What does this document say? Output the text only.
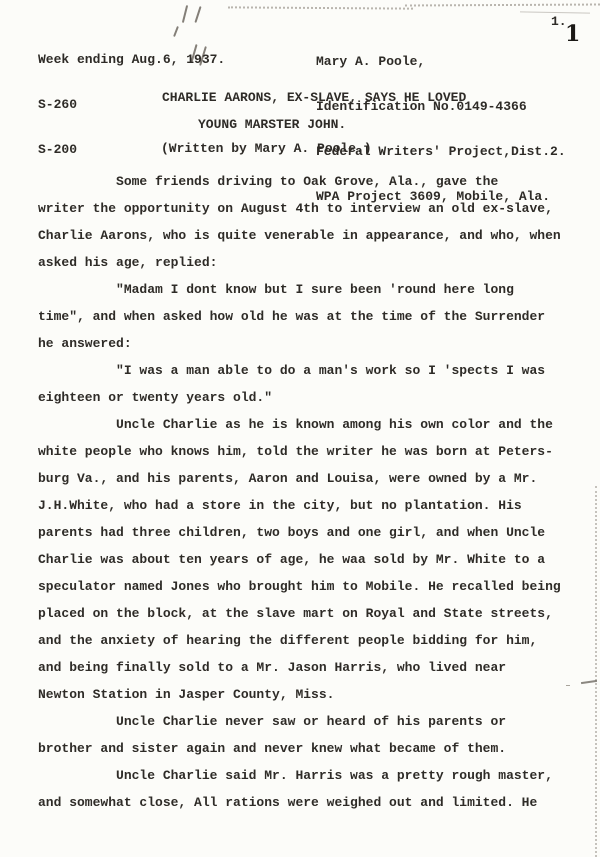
Week ending Aug.6, 1937.

S-260

S-200

Mary A. Poole,

Identification No.0149-4366

Federal Writers' Project,Dist.2.

WPA Project 3609, Mobile, Ala.

1.
1
CHARLIE AARONS, EX-SLAVE, SAYS HE LOVED
YOUNG MARSTER JOHN.
(Written by Mary A. Poole.)
Some friends driving to Oak Grove, Ala., gave the
writer the opportunity on August 4th to interview an old ex-slave,
Charlie Aarons, who is quite venerable in appearance, and who, when
asked his age, replied:
"Madam I dont know but I sure been 'round here long
time", and when asked how old he was at the time of the Surrender
he answered:
"I was a man able to do a man's work so I 'spects I was
eighteen or twenty years old."
Uncle Charlie as he is known among his own color and the
white people who knows him, told the writer he was born at Peters-
burg Va., and his parents, Aaron and Louisa, were owned by a Mr.
J.H.White, who had a store in the city, but no plantation. His
parents had three children, two boys and one girl, and when Uncle
Charlie was about ten years of age, he waa sold by Mr. White to a
speculator named Jones who brought him to Mobile. He recalled being
placed on the block, at the slave mart on Royal and State streets,
and the anxiety of hearing the different people bidding for him,
and being finally sold to a Mr. Jason Harris, who lived near
Newton Station in Jasper County, Miss.
Uncle Charlie never saw or heard of his parents or
brother and sister again and never knew what became of them.
Uncle Charlie said Mr. Harris was a pretty rough master,
and somewhat close, All rations were weighed out and limited. He
